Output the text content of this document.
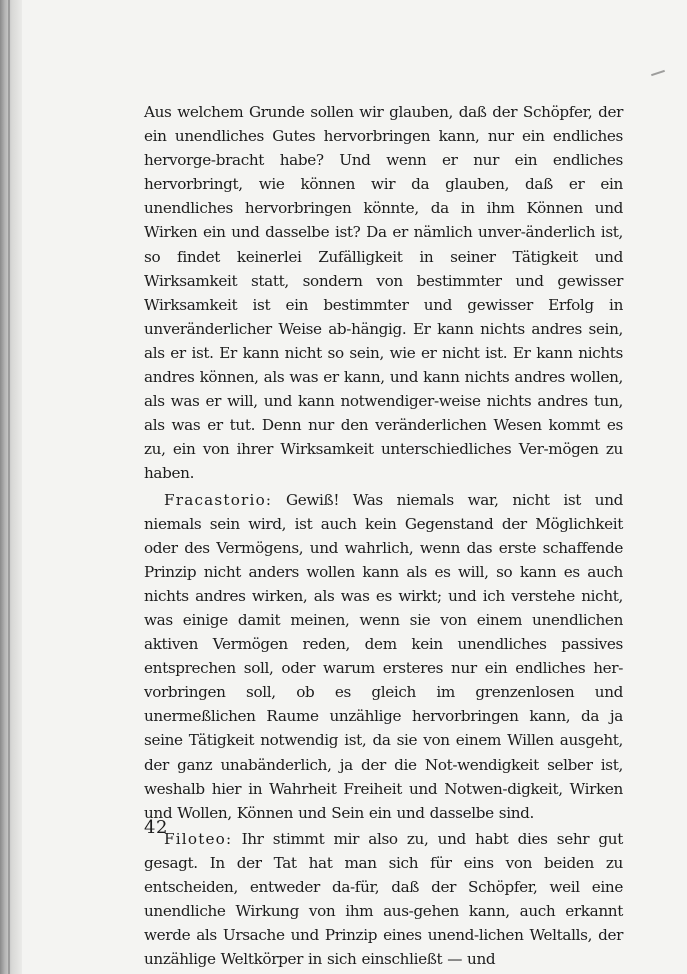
Aus welchem Grunde sollen wir glauben, daß der Schöpfer, der ein unendliches Gutes hervorbringen kann, nur ein endliches hervorge-bracht habe? Und wenn er nur ein endliches hervorbringt, wie können wir da glauben, daß er ein unendliches hervorbringen könnte, da in ihm Können und Wirken ein und dasselbe ist? Da er nämlich unver-änderlich ist, so findet keinerlei Zufälligkeit in seiner Tätigkeit und Wirksamkeit statt, sondern von bestimmter und gewisser Wirksamkeit ist ein bestimmter und gewisser Erfolg in unveränderlicher Weise ab-hängig. Er kann nichts andres sein, als er ist. Er kann nicht so sein, wie er nicht ist. Er kann nichts andres können, als was er kann, und kann nichts andres wollen, als was er will, und kann notwendiger-weise nichts andres tun, als was er tut. Denn nur den veränderlichen Wesen kommt es zu, ein von ihrer Wirksamkeit unterschiedliches Ver-mögen zu haben.

Fracastorio: Gewiß! Was niemals war, nicht ist und niemals sein wird, ist auch kein Gegenstand der Möglichkeit oder des Vermögens, und wahrlich, wenn das erste schaffende Prinzip nicht anders wollen kann als es will, so kann es auch nichts andres wirken, als was es wirkt; und ich verstehe nicht, was einige damit meinen, wenn sie von einem unendlichen aktiven Vermögen reden, dem kein unendliches passives entsprechen soll, oder warum ersteres nur ein endliches her-vorbringen soll, ob es gleich im grenzenlosen und unermeßlichen Raume unzählige hervorbringen kann, da ja seine Tätigkeit notwendig ist, da sie von einem Willen ausgeht, der ganz unabänderlich, ja der die Not-wendigkeit selber ist, weshalb hier in Wahrheit Freiheit und Notwen-digkeit, Wirken und Wollen, Können und Sein ein und dasselbe sind.

Filoteo: Ihr stimmt mir also zu, und habt dies sehr gut gesagt. In der Tat hat man sich für eins von beiden zu entscheiden, entweder da-für, daß der Schöpfer, weil eine unendliche Wirkung von ihm aus-gehen kann, auch erkannt werde als Ursache und Prinzip eines unend-lichen Weltalls, der unzählige Weltkörper in sich einschließt — und

42
